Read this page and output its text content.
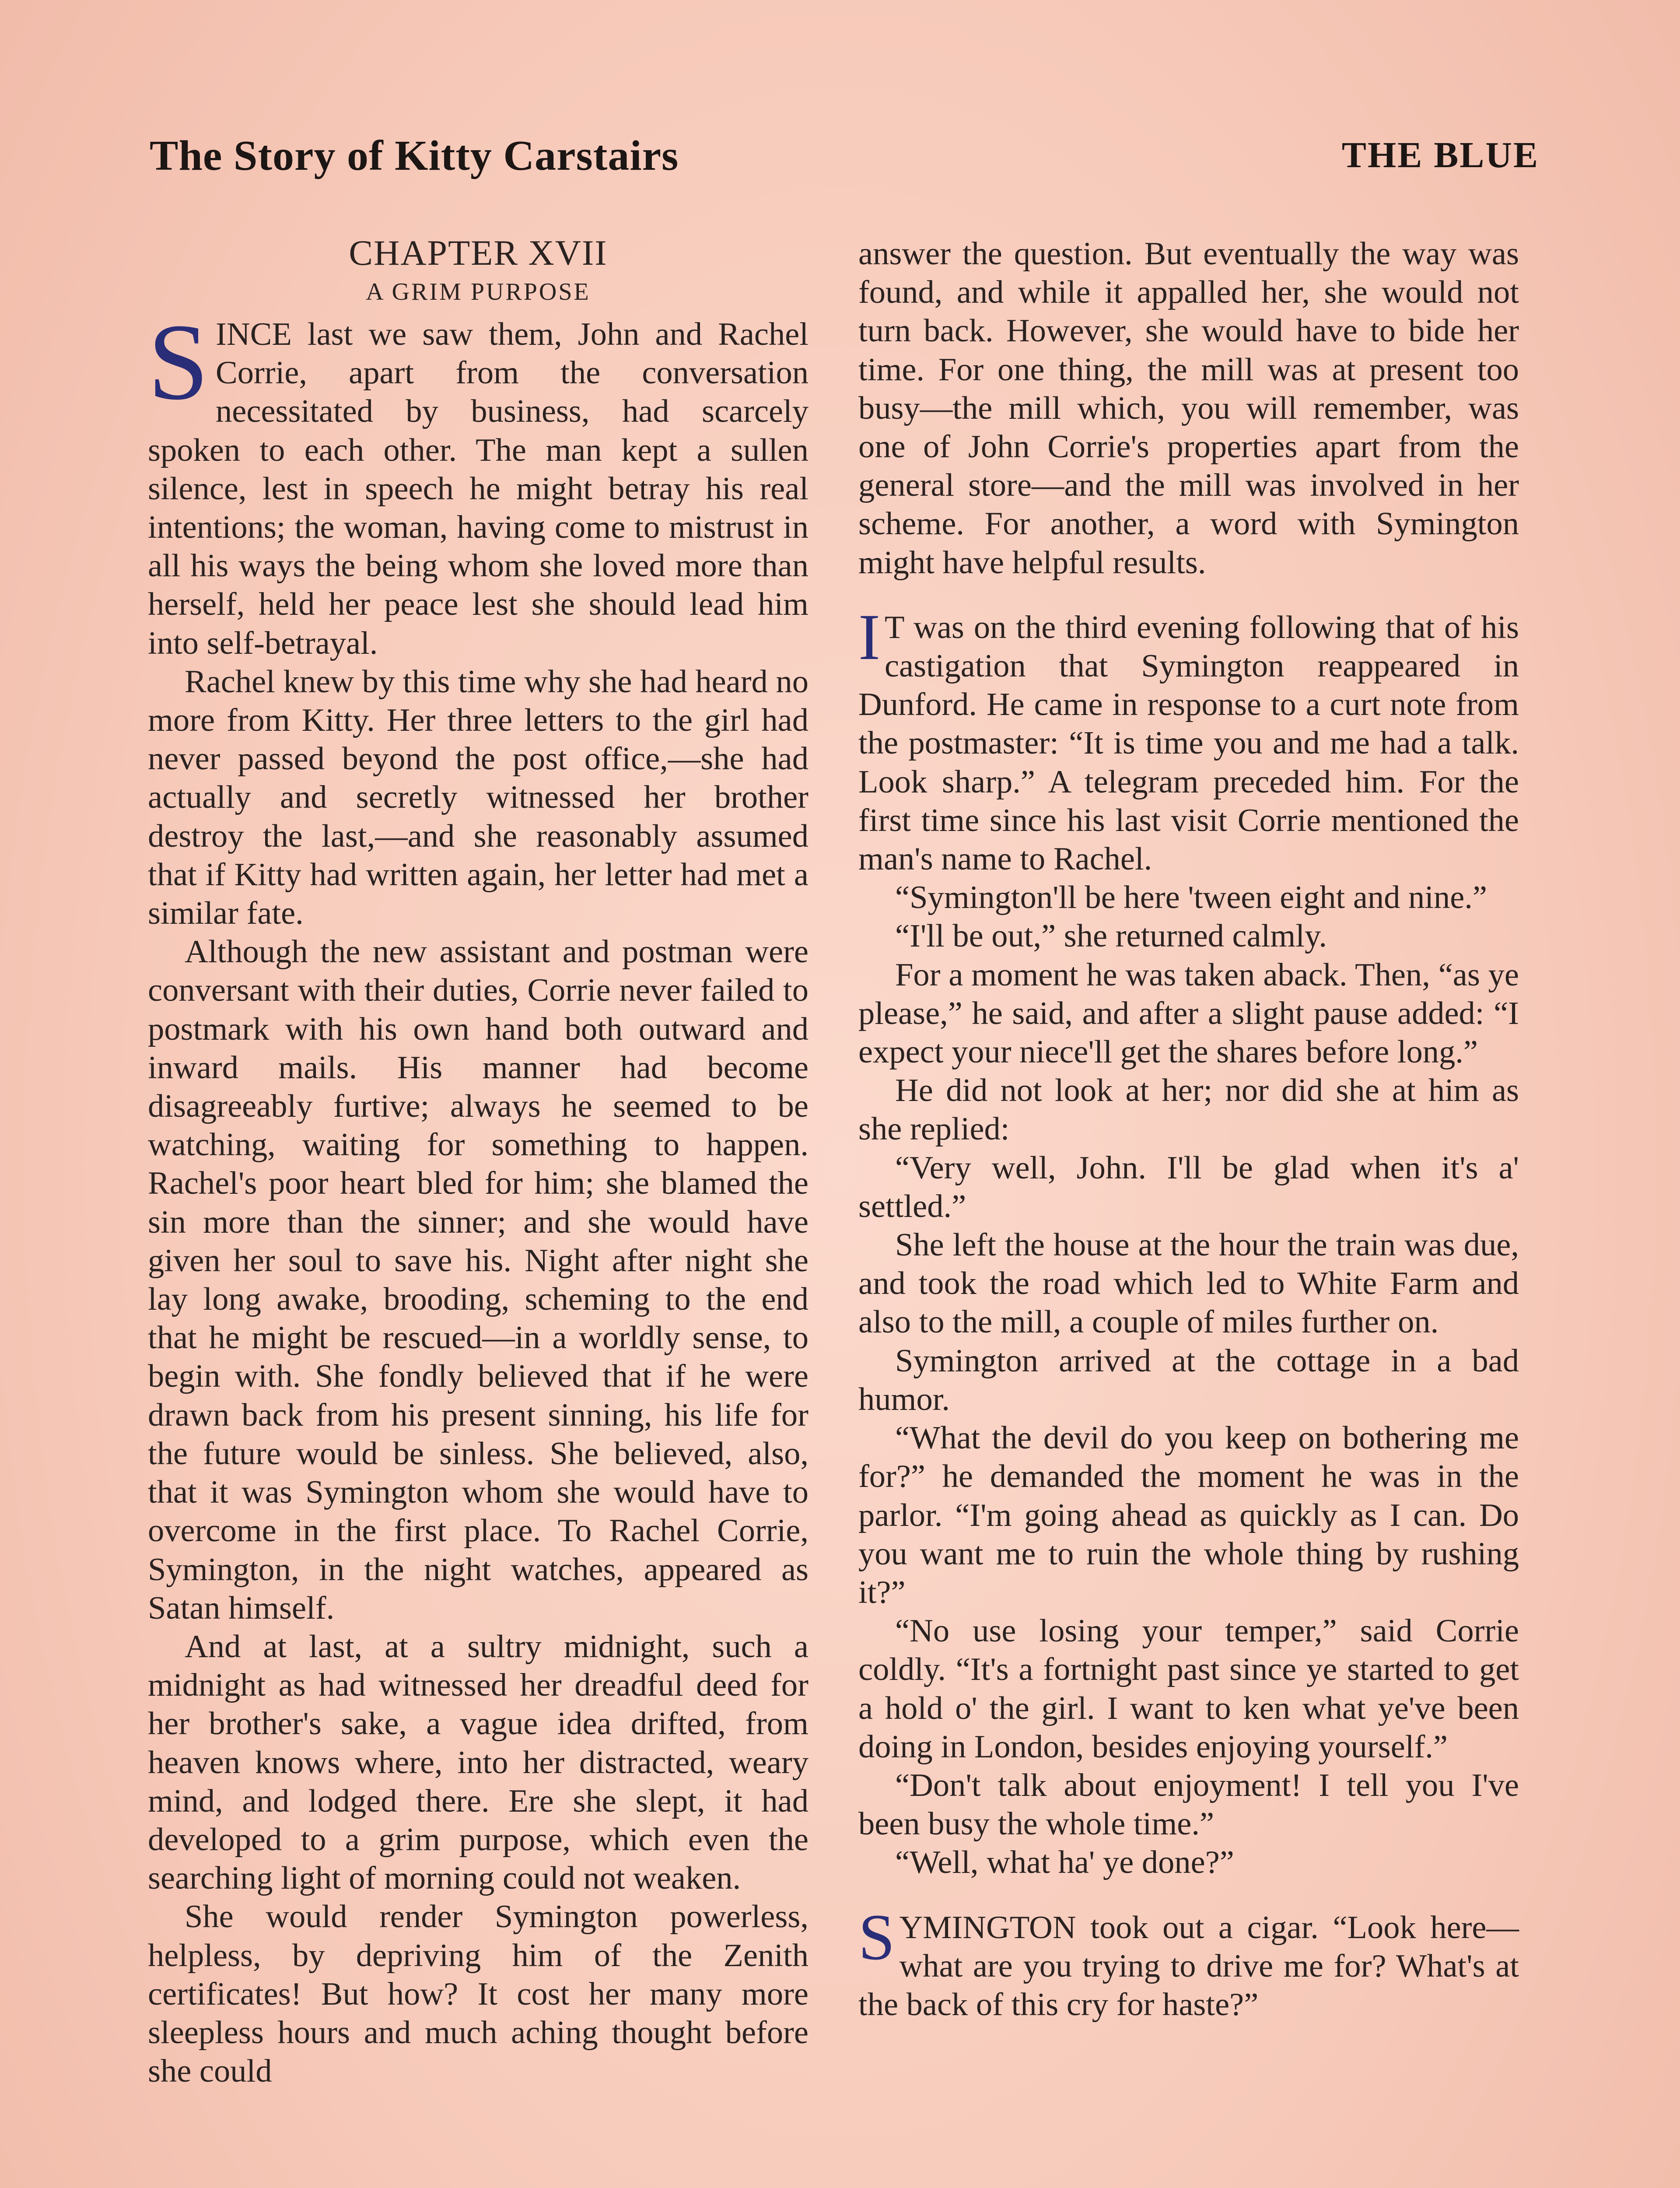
The Story of Kitty Carstairs	THE BLUE
CHAPTER XVII
A GRIM PURPOSE

SINCE last we saw them, John and Rachel Corrie, apart from the conversation necessitated by business, had scarcely spoken to each other. The man kept a sullen silence, lest in speech he might betray his real intentions; the woman, having come to mistrust in all his ways the being whom she loved more than herself, held her peace lest she should lead him into self-betrayal.

Rachel knew by this time why she had heard no more from Kitty. Her three letters to the girl had never passed beyond the post office,—she had actually and secretly witnessed her brother destroy the last,—and she reasonably assumed that if Kitty had written again, her letter had met a similar fate.

Although the new assistant and postman were conversant with their duties, Corrie never failed to postmark with his own hand both outward and inward mails. His manner had become disagreeably furtive; always he seemed to be watching, waiting for something to happen. Rachel's poor heart bled for him; she blamed the sin more than the sinner; and she would have given her soul to save his. Night after night she lay long awake, brooding, scheming to the end that he might be rescued—in a worldly sense, to begin with. She fondly believed that if he were drawn back from his present sinning, his life for the future would be sinless. She believed, also, that it was Symington whom she would have to overcome in the first place. To Rachel Corrie, Symington, in the night watches, appeared as Satan himself.

And at last, at a sultry midnight, such a midnight as had witnessed her dreadful deed for her brother's sake, a vague idea drifted, from heaven knows where, into her distracted, weary mind, and lodged there. Ere she slept, it had developed to a grim purpose, which even the searching light of morning could not weaken.

She would render Symington powerless, helpless, by depriving him of the Zenith certificates! But how? It cost her many more sleepless hours and much aching thought before she could

answer the question. But eventually the way was found, and while it appalled her, she would not turn back. However, she would have to bide her time. For one thing, the mill was at present too busy—the mill which, you will remember, was one of John Corrie's properties apart from the general store—and the mill was involved in her scheme. For another, a word with Symington might have helpful results.

I T was on the third evening following that of his castigation that Symington reappeared in Dunford. He came in response to a curt note from the postmaster: “It is time you and me had a talk. Look sharp.” A telegram preceded him. For the first time since his last visit Corrie mentioned the man's name to Rachel.

“Symington'll be here 'tween eight and nine.”

“I'll be out,” she returned calmly.

For a moment he was taken aback. Then, “as ye please,” he said, and after a slight pause added: “I expect your niece'll get the shares before long.”

He did not look at her; nor did she at him as she replied:

“Very well, John. I'll be glad when it's a' settled.”

She left the house at the hour the train was due, and took the road which led to White Farm and also to the mill, a couple of miles further on.

Symington arrived at the cottage in a bad humor.

“What the devil do you keep on bothering me for?” he demanded the moment he was in the parlor. “I'm going ahead as quickly as I can. Do you want me to ruin the whole thing by rushing it?”

“No use losing your temper,” said Corrie coldly. “It's a fortnight past since ye started to get a hold o' the girl. I want to ken what ye've been doing in London, besides enjoying yourself.”

“Don't talk about enjoyment! I tell you I've been busy the whole time.”

“Well, what ha' ye done?”

SYMINGTON took out a cigar. “Look here—what are you trying to drive me for? What's at the back of this cry for haste?”
